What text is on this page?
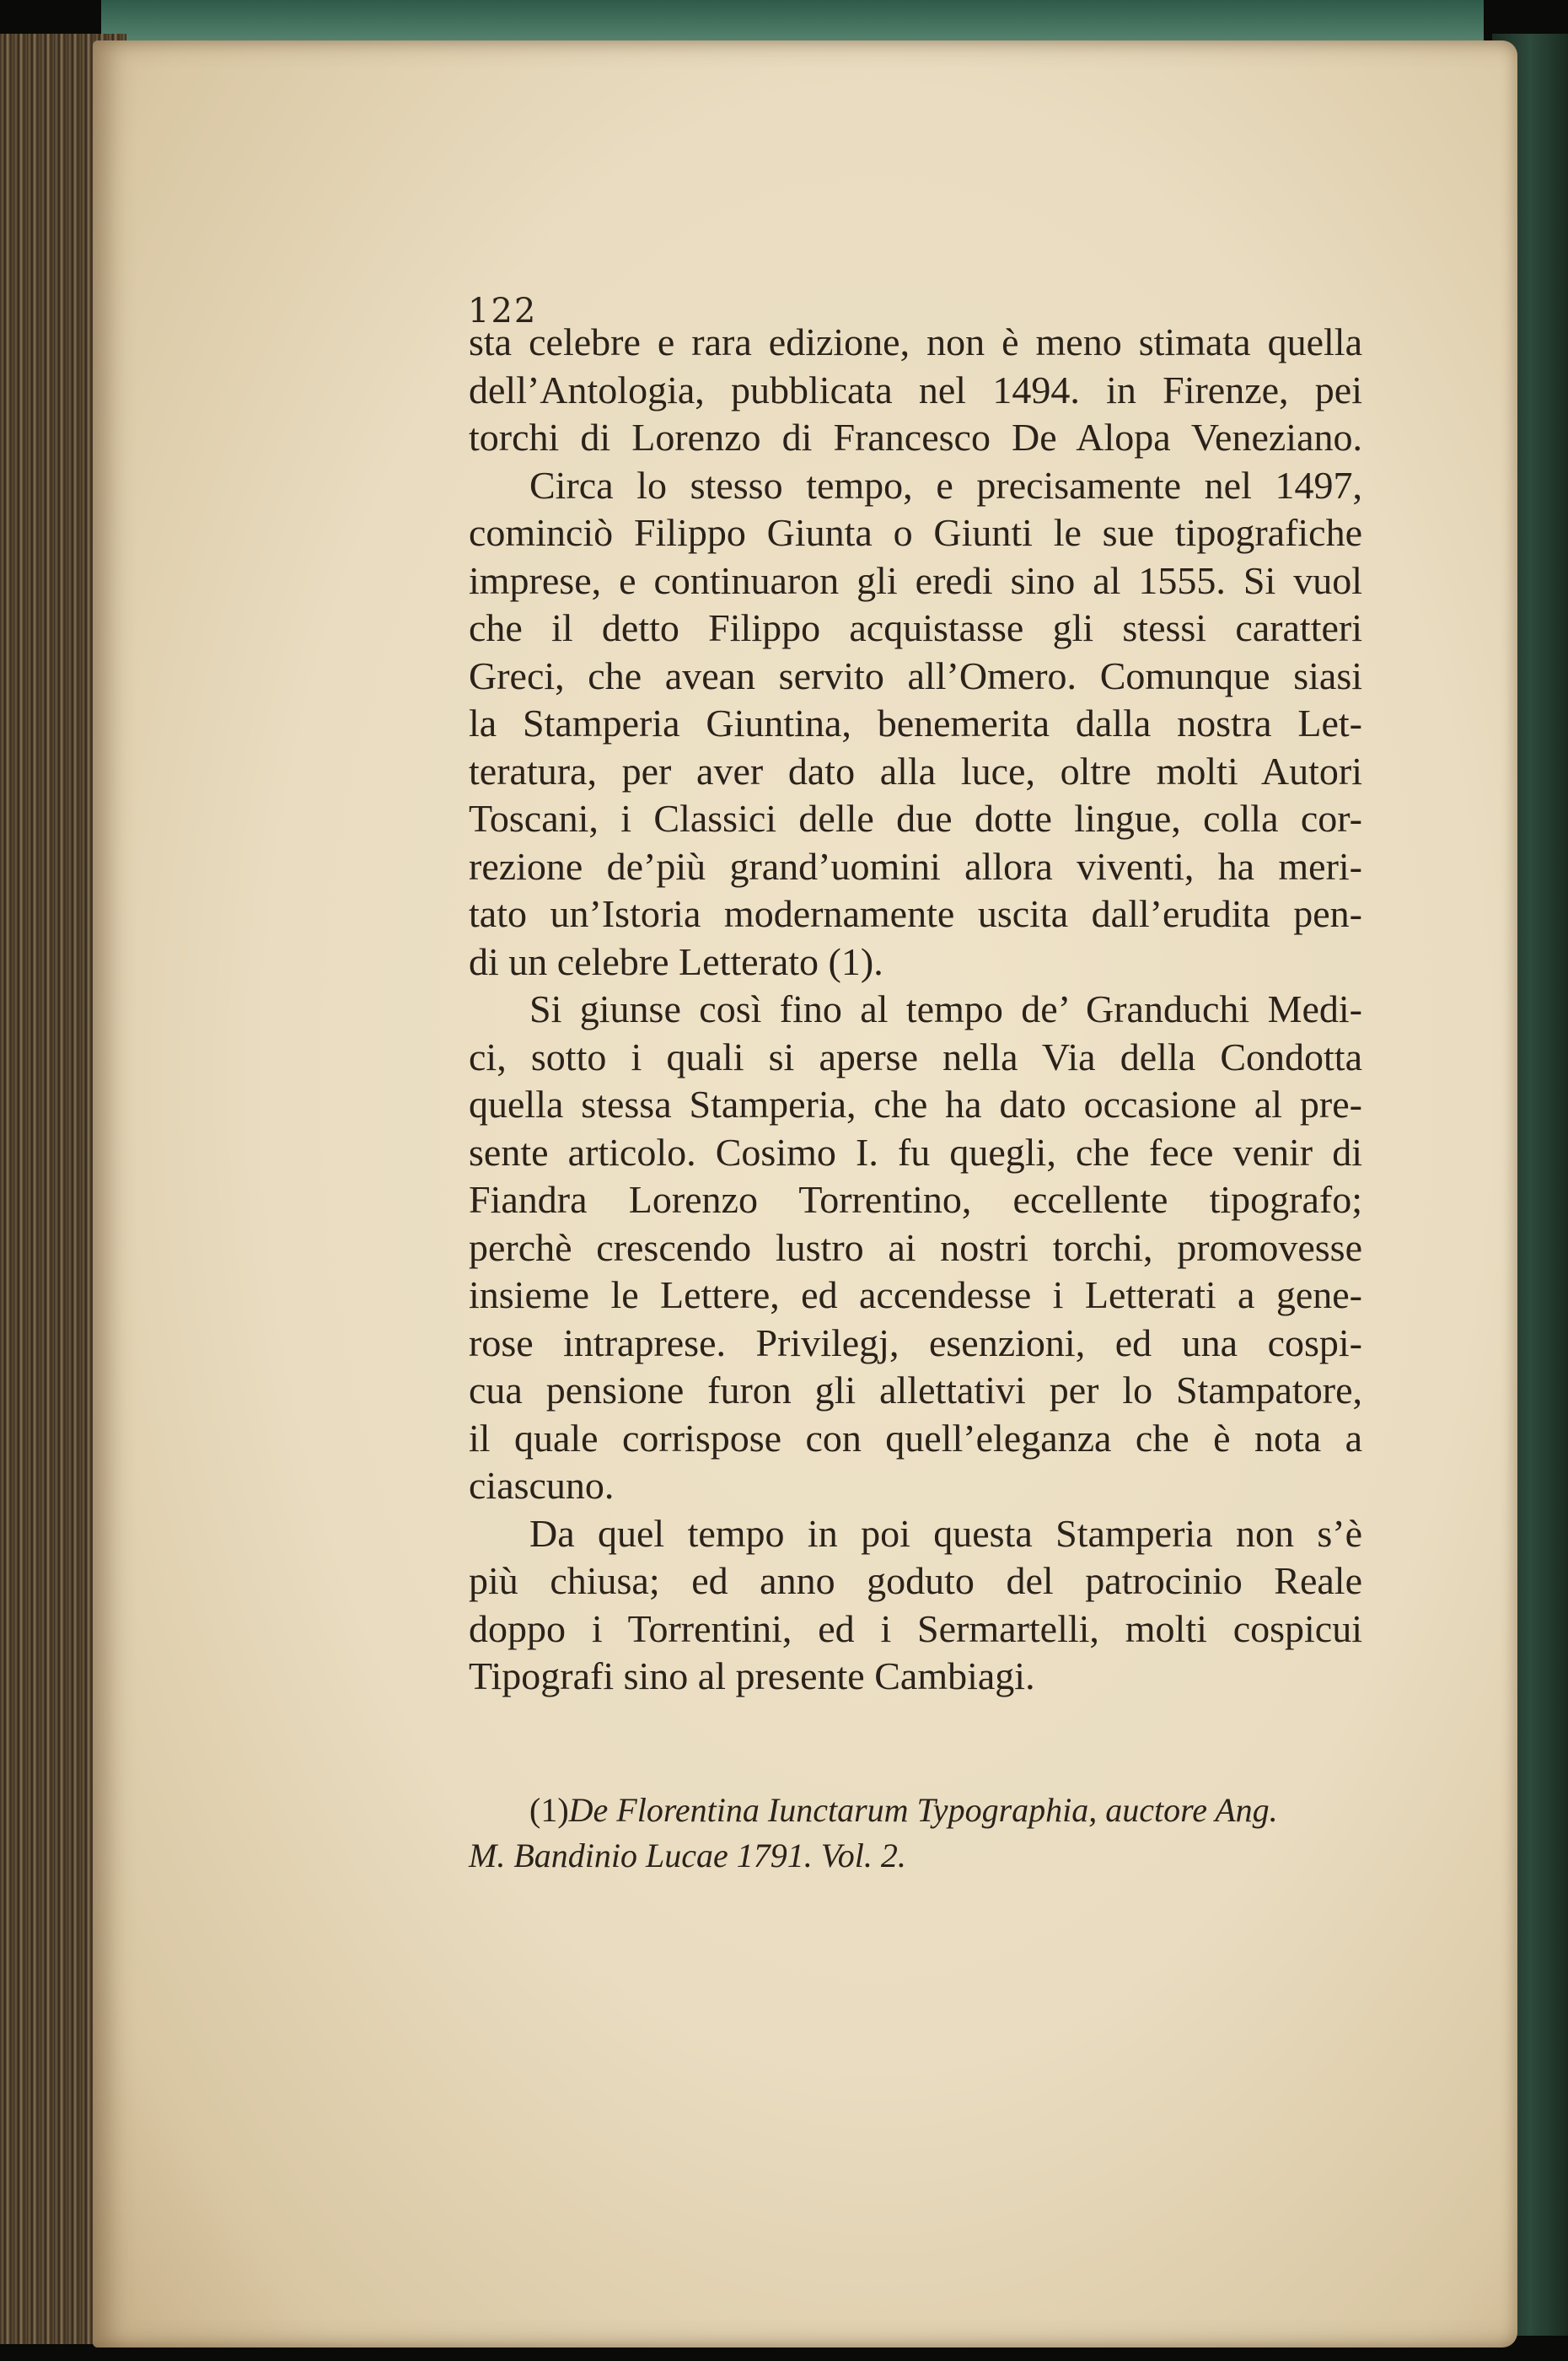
122
sta celebre e rara edizione, non è meno stimata quella
dell’Antologia, pubblicata nel 1494. in Firenze, pei
torchi di Lorenzo di Francesco De Alopa Veneziano.
Circa lo stesso tempo, e precisamente nel 1497,
cominciò Filippo Giunta o Giunti le sue tipografiche
imprese, e continuaron gli eredi sino al 1555. Si vuol
che il detto Filippo acquistasse gli stessi caratteri
Greci, che avean servito all’Omero. Comunque siasi
la Stamperia Giuntina, benemerita dalla nostra Let-
teratura, per aver dato alla luce, oltre molti Autori
Toscani, i Classici delle due dotte lingue, colla cor-
rezione de’più grand’uomini allora viventi, ha meri-
tato un’Istoria modernamente uscita dall’erudita pen-
di un celebre Letterato (1).
Si giunse così fino al tempo de’ Granduchi Medi-
ci, sotto i quali si aperse nella Via della Condotta
quella stessa Stamperia, che ha dato occasione al pre-
sente articolo. Cosimo I. fu quegli, che fece venir di
Fiandra Lorenzo Torrentino, eccellente tipografo;
perchè crescendo lustro ai nostri torchi, promovesse
insieme le Lettere, ed accendesse i Letterati a gene-
rose intraprese. Privilegj, esenzioni, ed una cospi-
cua pensione furon gli allettativi per lo Stampatore,
il quale corrispose con quell’eleganza che è nota a
ciascuno.
Da quel tempo in poi questa Stamperia non s’è
più chiusa; ed anno goduto del patrocinio Reale
doppo i Torrentini, ed i Sermartelli, molti cospicui
Tipografi sino al presente Cambiagi.
(1)De Florentina Iunctarum Typographia, auctore Ang.
M. Bandinio Lucae 1791. Vol. 2.
